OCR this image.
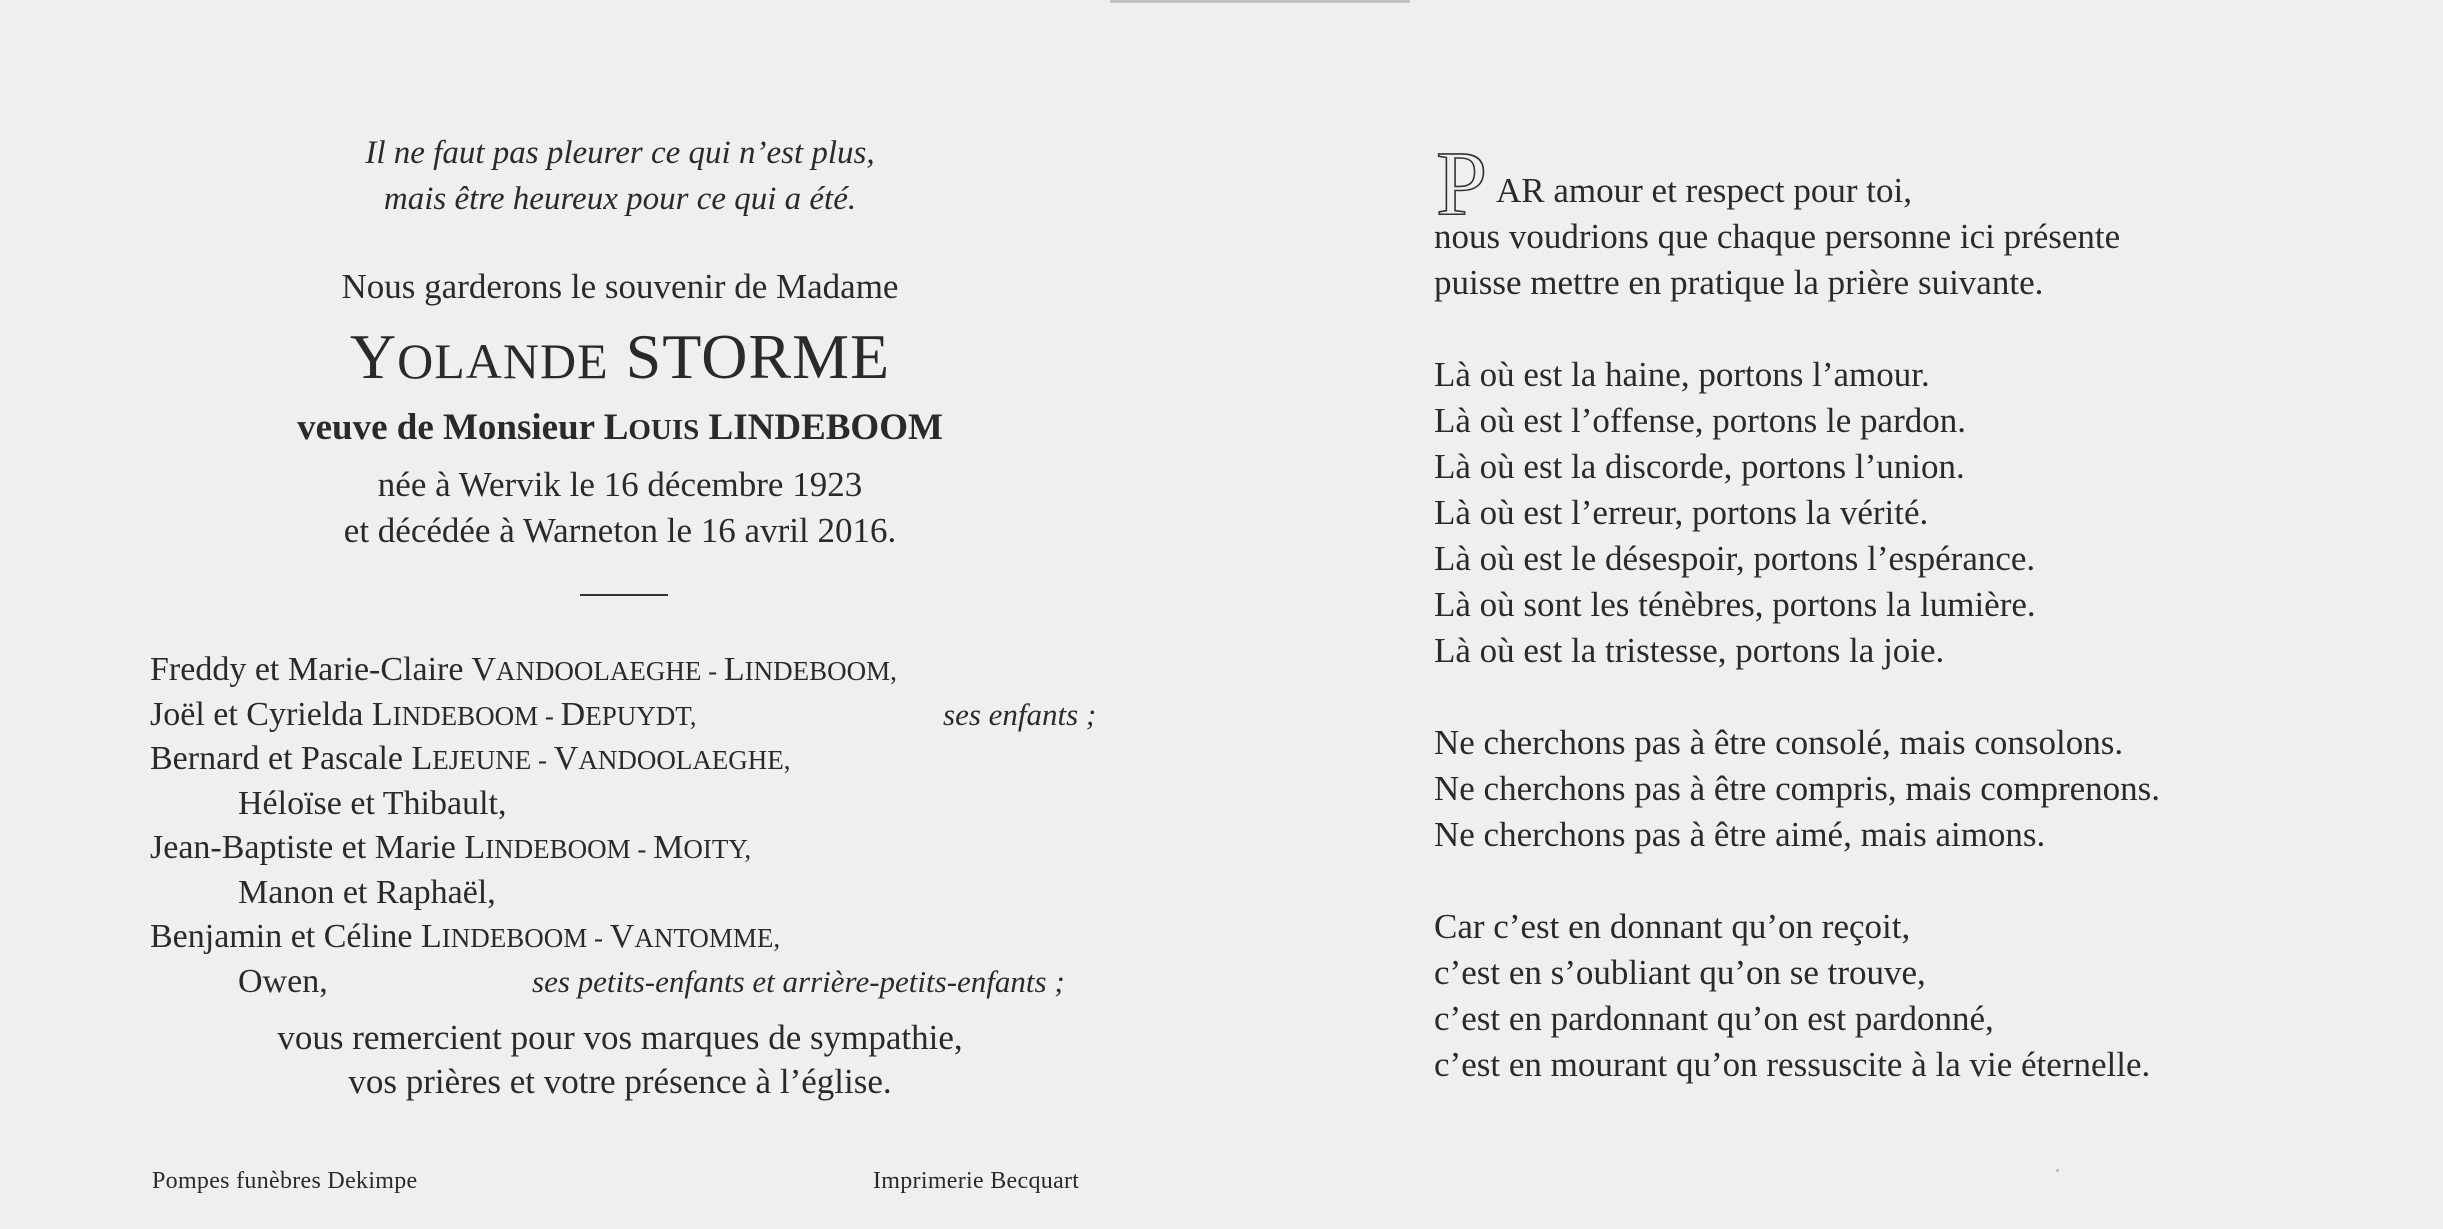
Il ne faut pas pleurer ce qui n’est plus,
mais être heureux pour ce qui a été.
Nous garderons le souvenir de Madame
YOLANDE STORME
veuve de Monsieur LOUIS LINDEBOOM
née à Wervik le 16 décembre 1923
et décédée à Warneton le 16 avril 2016.
Freddy et Marie-Claire VANDOOLAEGHE - LINDEBOOM,
Joël et Cyrielda LINDEBOOM - DEPUYDT,	ses enfants ;
Bernard et Pascale LEJEUNE - VANDOOLAEGHE,
Héloïse et Thibault,
Jean-Baptiste et Marie LINDEBOOM - MOITY,
Manon et Raphaël,
Benjamin et Céline LINDEBOOM - VANTOMME,
Owen,	ses petits-enfants et arrière-petits-enfants ;
vous remercient pour vos marques de sympathie,
vos prières et votre présence à l’église.
Pompes funèbres Dekimpe	Imprimerie Becquart
P AR amour et respect pour toi,
nous voudrions que chaque personne ici présente
puisse mettre en pratique la prière suivante.
Là où est la haine, portons l’amour.
Là où est l’offense, portons le pardon.
Là où est la discorde, portons l’union.
Là où est l’erreur, portons la vérité.
Là où est le désespoir, portons l’espérance.
Là où sont les ténèbres, portons la lumière.
Là où est la tristesse, portons la joie.
Ne cherchons pas à être consolé, mais consolons.
Ne cherchons pas à être compris, mais comprenons.
Ne cherchons pas à être aimé, mais aimons.
Car c’est en donnant qu’on reçoit,
c’est en s’oubliant qu’on se trouve,
c’est en pardonnant qu’on est pardonné,
c’est en mourant qu’on ressuscite à la vie éternelle.
